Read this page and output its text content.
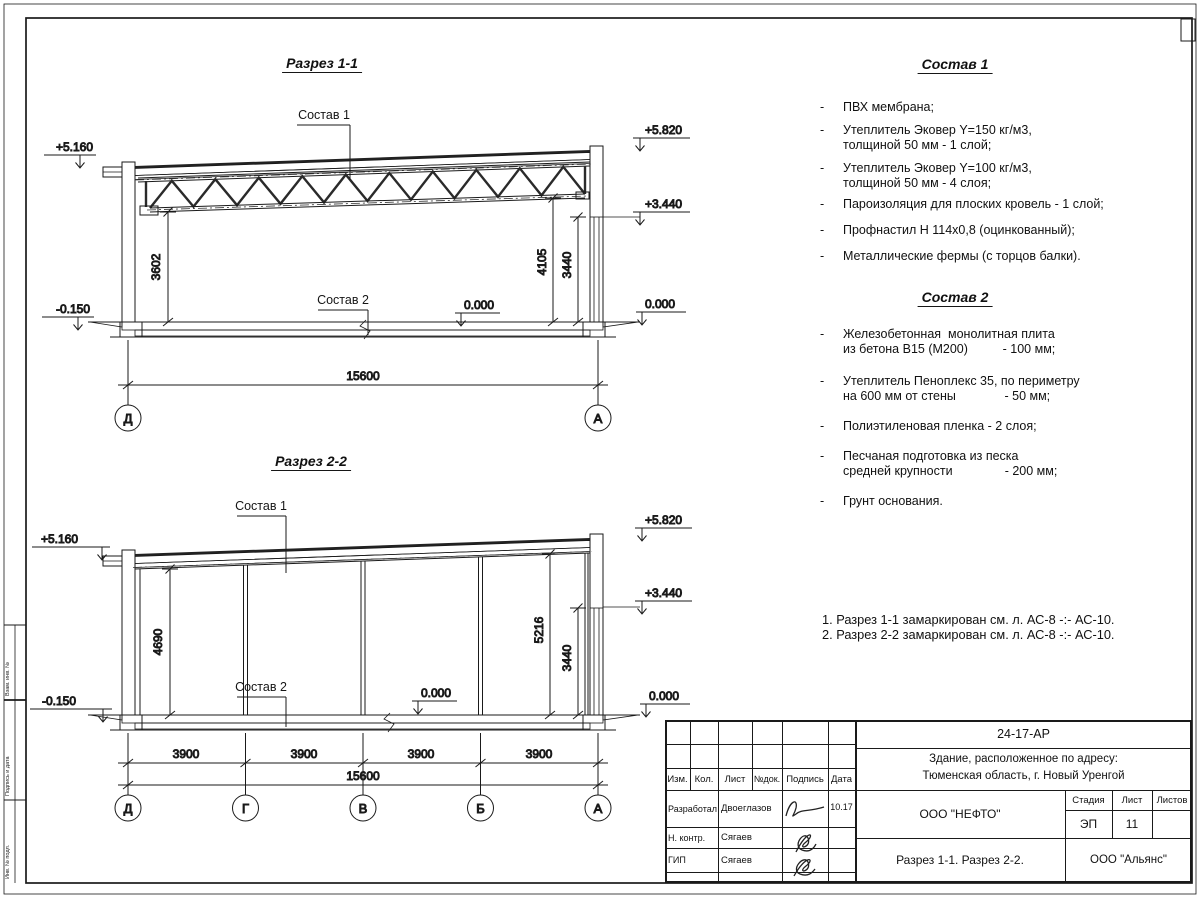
Состав 1
Состав 2
+5.160
-0.150
+5.820
+3.440
0.000
0.000
3602	4105 3440
15600
Д	А
Состав 1
Состав 2
+5.160
-0.150
+5.820
+3.440
0.000
0.000
4690	5216
3440
3900	3900	3900	3900
15600
Д	Г	В	Б	А
Разрез 1-1
Разрез 2-2
Состав 1
Состав 2
-	ПВХ мембрана;
-	Утеплитель Эковер Y=150 кг/м3,
толщиной 50 мм - 1 слой;
-	Утеплитель Эковер Y=100 кг/м3,
толщиной 50 мм - 4 слоя;
-	Пароизоляция для плоских кровель - 1 слой;
-	Профнастил Н 114х0,8 (оцинкованный);
-	Металлические фермы (с торцов балки).
-	Железобетонная  монолитная плита
из бетона В15 (М200)          - 100 мм;
-	Утеплитель Пеноплекс 35, по периметру
на 600 мм от стены              - 50 мм;
-	Полиэтиленовая пленка - 2 слоя;
-	Песчаная подготовка из песка
средней крупности               - 200 мм;
-	Грунт основания.
1. Разрез 1-1 замаркирован см. л. АС-8 -:- АС-10.
2. Разрез 2-2 замаркирован см. л. АС-8 -:- АС-10.
Взам. инв. №
Подпись и дата
Инв. № подл.
Изм. Кол.	Лист №док. Подпись Дата
Разработал Двоеглазов	10.17
Н. контр.	Сягаев
ГИП	Сягаев
24-17-АР
Здание, расположенное по адресу:
Тюменская область, г. Новый Уренгой
ООО "НЕФТО"
Стадия	Лист	Листов
ЭП	11
Разрез 1-1. Разрез 2-2.	ООО "Альянс"
